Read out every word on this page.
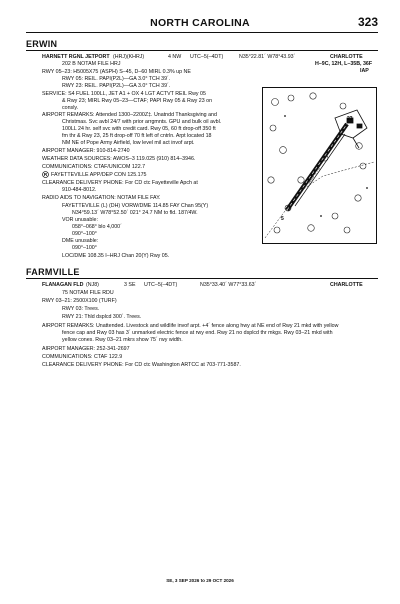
NORTH CAROLINA	323
ERWIN
HARNETT RGNL JETPORT (HRJ)(KHRJ)	4 NW UTC–5(–4DT)	N35°22.81´ W78°43.93´	CHARLOTTE
202 B NOTAM FILE HRJ	H–9C, 12H, L–35B, 36F
IAP
RWY 05–23: H5005X75 (ASPH) S–45, D–60 MIRL 0.3% up NE
RWY 05: REIL. PAPI(P2L)—GA 3.0° TCH 39´.
RWY 23: REIL. PAPI(P2L)—GA 3.0° TCH 39´.
SERVICE: S4 FUEL 100LL, JET A1 + OX 4 LGT ACTVT REIL Rwy 05
& Rwy 23; MIRL Rwy 05–23—CTAF; PAPI Rwy 05 & Rwy 23 on
consly.
AIRPORT REMARKS: Attended 1300–2200Z‡. Unatndd Thanksgiving and
Christmas. Svc avbl 24/7 with prior arrgmnts. GPU and bulk oil avbl.
100LL 24 hr. self svc with credit card. Rwy 05, 60 ft drop-off 350 ft
fm thr & Rwy 23, 25 ft drop-off 70 ft left of cntrln. Arpt located 18
NM NE of Pope Army Airfield, low level mil act invof arpt.
AIRPORT MANAGER: 910-814-2740
WEATHER DATA SOURCES: AWOS–3 119.025 (910) 814–3946.
COMMUNICATIONS: CTAF/UNICOM 122.7
R FAYETTEVILLE APP/DEP CON 125.175
CLEARANCE DELIVERY PHONE: For CD ctc Fayetteville Apch at
910-484-8012.
RADIO AIDS TO NAVIGATION: NOTAM FILE FAY.
FAYETTEVILLE (L) (DH) VORW/DME 114.85 FAY Chan 95(Y)
N34°59.13´ W78°52.50´ 021° 24.7 NM to fld. 187/4W.
VOR unusable:
058°–068° blo 4,000´
090°–100°
DME unusable:
090°–100°
LOC/DME 108.35 I–HRJ Chan 20(Y) Rwy 05.
5
23
5005 X 75
FARMVILLE
FLANAGAN FLD (NJ8)	3 SE UTC–5(–4DT)	N35°33.40´ W77°33.63´	CHARLOTTE
75 NOTAM FILE RDU
RWY 03–21: 2500X100 (TURF)
RWY 03: Trees.
RWY 21: Thld dsplcd 300´. Trees.
AIRPORT REMARKS: Unattended. Livestock and wildlife invof arpt. +4´ fence along hwy at NE end of Rwy 21 mkd with yellow
fence cap and Rwy 03 has 3´ unmarked electric fence at rwy end. Rwy 21 no dsplcd thr mkgs. Rwy 03–21 mkd with
yellow cones. Rwy 03–21 mkrs show 75´ rwy width.
AIRPORT MANAGER: 252-341-2697
COMMUNICATIONS: CTAF 122.9
CLEARANCE DELIVERY PHONE: For CD ctc Washington ARTCC at 703-771-3587.
SE, 3 SEP 2026 to 29 OCT 2026
